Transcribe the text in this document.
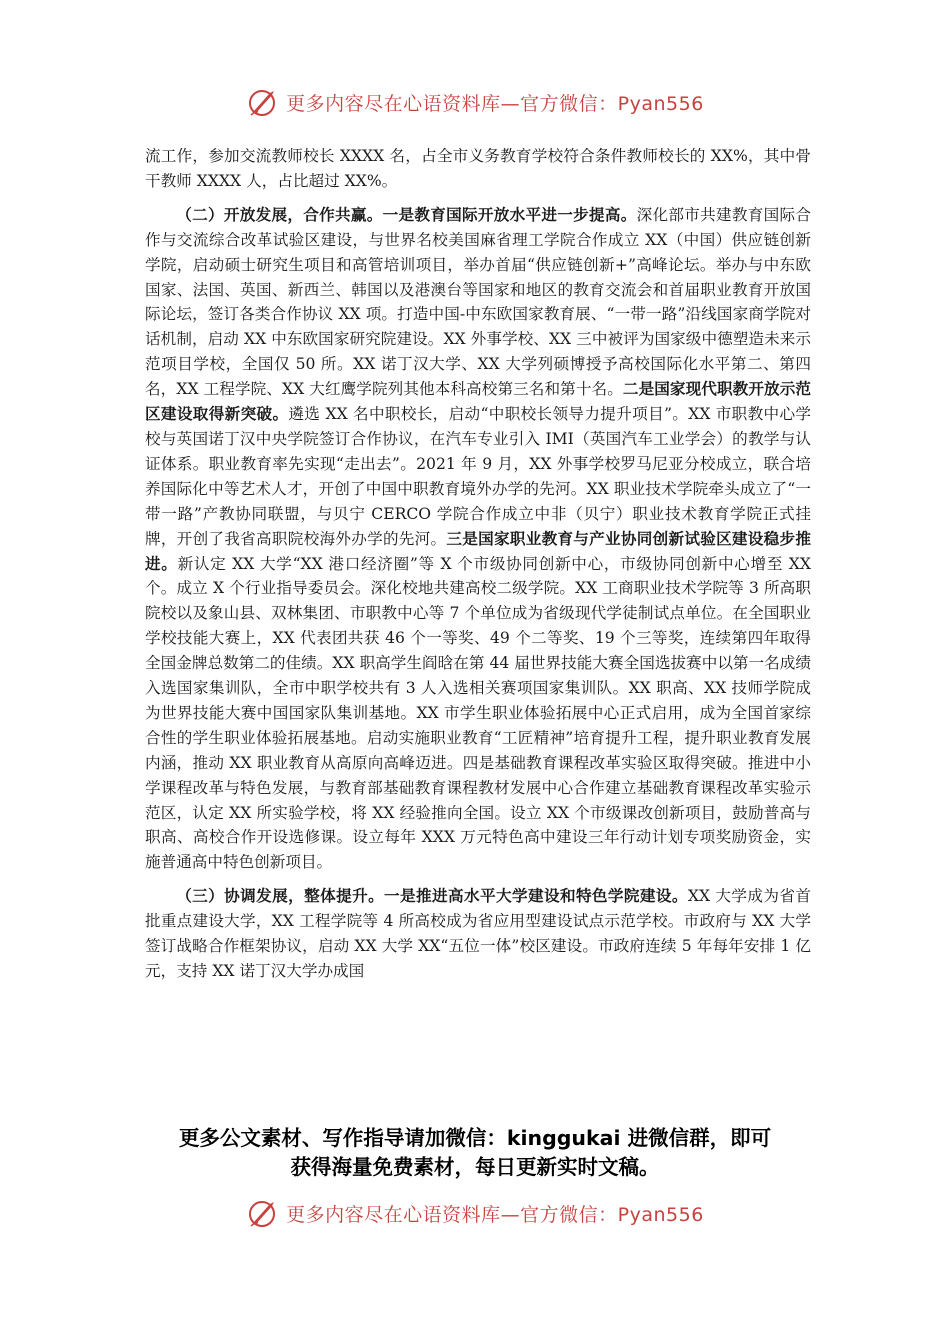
更多内容尽在心语资料库—官方微信：Pyan556

流工作，参加交流教师校长 XXXX 名，占全市义务教育学校符合条件教师校长的 XX%，其中骨干教师 XXXX 人，占比超过 XX%。

（二）开放发展，合作共赢。一是教育国际开放水平进一步提高。深化部市共建教育国际合作与交流综合改革试验区建设，与世界名校美国麻省理工学院合作成立 XX（中国）供应链创新学院，启动硕士研究生项目和高管培训项目，举办首届“供应链创新+”高峰论坛。举办与中东欧国家、法国、英国、新西兰、韩国以及港澳台等国家和地区的教育交流会和首届职业教育开放国际论坛，签订各类合作协议 XX 项。打造中国-中东欧国家教育展、“一带一路”沿线国家商学院对话机制，启动 XX 中东欧国家研究院建设。XX 外事学校、XX 三中被评为国家级中德塑造未来示范项目学校，全国仅 50 所。XX 诺丁汉大学、XX 大学列硕博授予高校国际化水平第二、第四名，XX 工程学院、XX 大红鹰学院列其他本科高校第三名和第十名。二是国家现代职教开放示范区建设取得新突破。遴选 XX 名中职校长，启动“中职校长领导力提升项目”。XX 市职教中心学校与英国诺丁汉中央学院签订合作协议，在汽车专业引入 IMI（英国汽车工业学会）的教学与认证体系。职业教育率先实现“走出去”。2021 年 9 月，XX 外事学校罗马尼亚分校成立，联合培养国际化中等艺术人才，开创了中国中职教育境外办学的先河。XX 职业技术学院牵头成立了“一带一路”产教协同联盟，与贝宁 CERCO 学院合作成立中非（贝宁）职业技术教育学院正式挂牌，开创了我省高职院校海外办学的先河。三是国家职业教育与产业协同创新试验区建设稳步推进。新认定 XX 大学“XX 港口经济圈”等 X 个市级协同创新中心，市级协同创新中心增至 XX 个。成立 X 个行业指导委员会。深化校地共建高校二级学院。XX 工商职业技术学院等 3 所高职院校以及象山县、双林集团、市职教中心等 7 个单位成为省级现代学徒制试点单位。在全国职业学校技能大赛上，XX 代表团共获 46 个一等奖、49 个二等奖、19 个三等奖，连续第四年取得全国金牌总数第二的佳绩。XX 职高学生阎晗在第 44 届世界技能大赛全国选拔赛中以第一名成绩入选国家集训队，全市中职学校共有 3 人入选相关赛项国家集训队。XX 职高、XX 技师学院成为世界技能大赛中国国家队集训基地。XX 市学生职业体验拓展中心正式启用，成为全国首家综合性的学生职业体验拓展基地。启动实施职业教育“工匠精神”培育提升工程，提升职业教育发展内涵，推动 XX 职业教育从高原向高峰迈进。四是基础教育课程改革实验区取得突破。推进中小学课程改革与特色发展，与教育部基础教育课程教材发展中心合作建立基础教育课程改革实验示范区，认定 XX 所实验学校，将 XX 经验推向全国。设立 XX 个市级课改创新项目，鼓励普高与职高、高校合作开设选修课。设立每年 XXX 万元特色高中建设三年行动计划专项奖励资金，实施普通高中特色创新项目。

（三）协调发展，整体提升。一是推进高水平大学建设和特色学院建设。XX 大学成为省首批重点建设大学，XX 工程学院等 4 所高校成为省应用型建设试点示范学校。市政府与 XX 大学签订战略合作框架协议，启动 XX 大学 XX“五位一体”校区建设。市政府连续 5 年每年安排 1 亿元，支持 XX 诺丁汉大学办成国

更多公文素材、写作指导请加微信：kinggukai 进微信群，即可
获得海量免费素材，每日更新实时文稿。
更多内容尽在心语资料库—官方微信：Pyan556
